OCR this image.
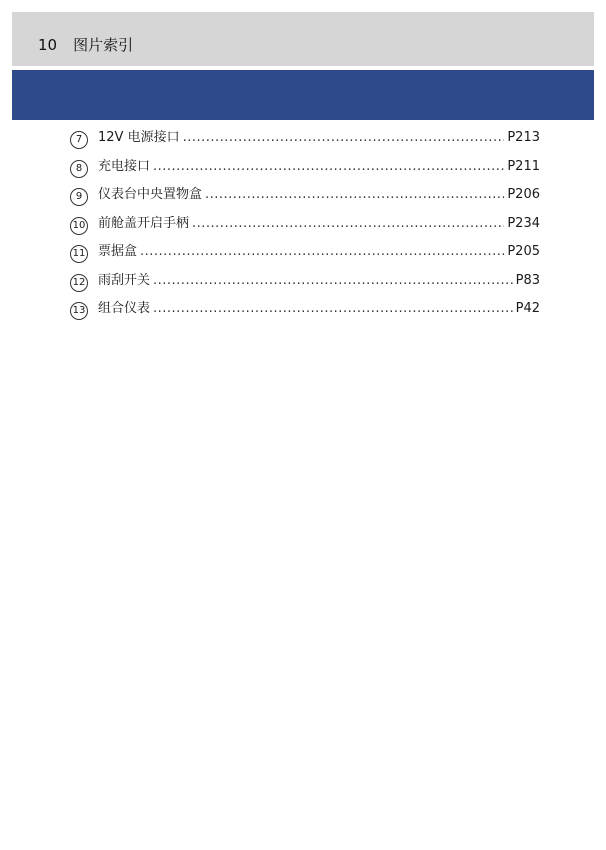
10 图片索引
7	12V 电源接口 .....	P213
8	充电接口 .....	P211
9	仪表台中央置物盒 .....	P206
10 前舱盖开启手柄 .....	P234
11 票据盒 .....	P205
12 雨刮开关 .....	P83
13 组合仪表 .....	P42
